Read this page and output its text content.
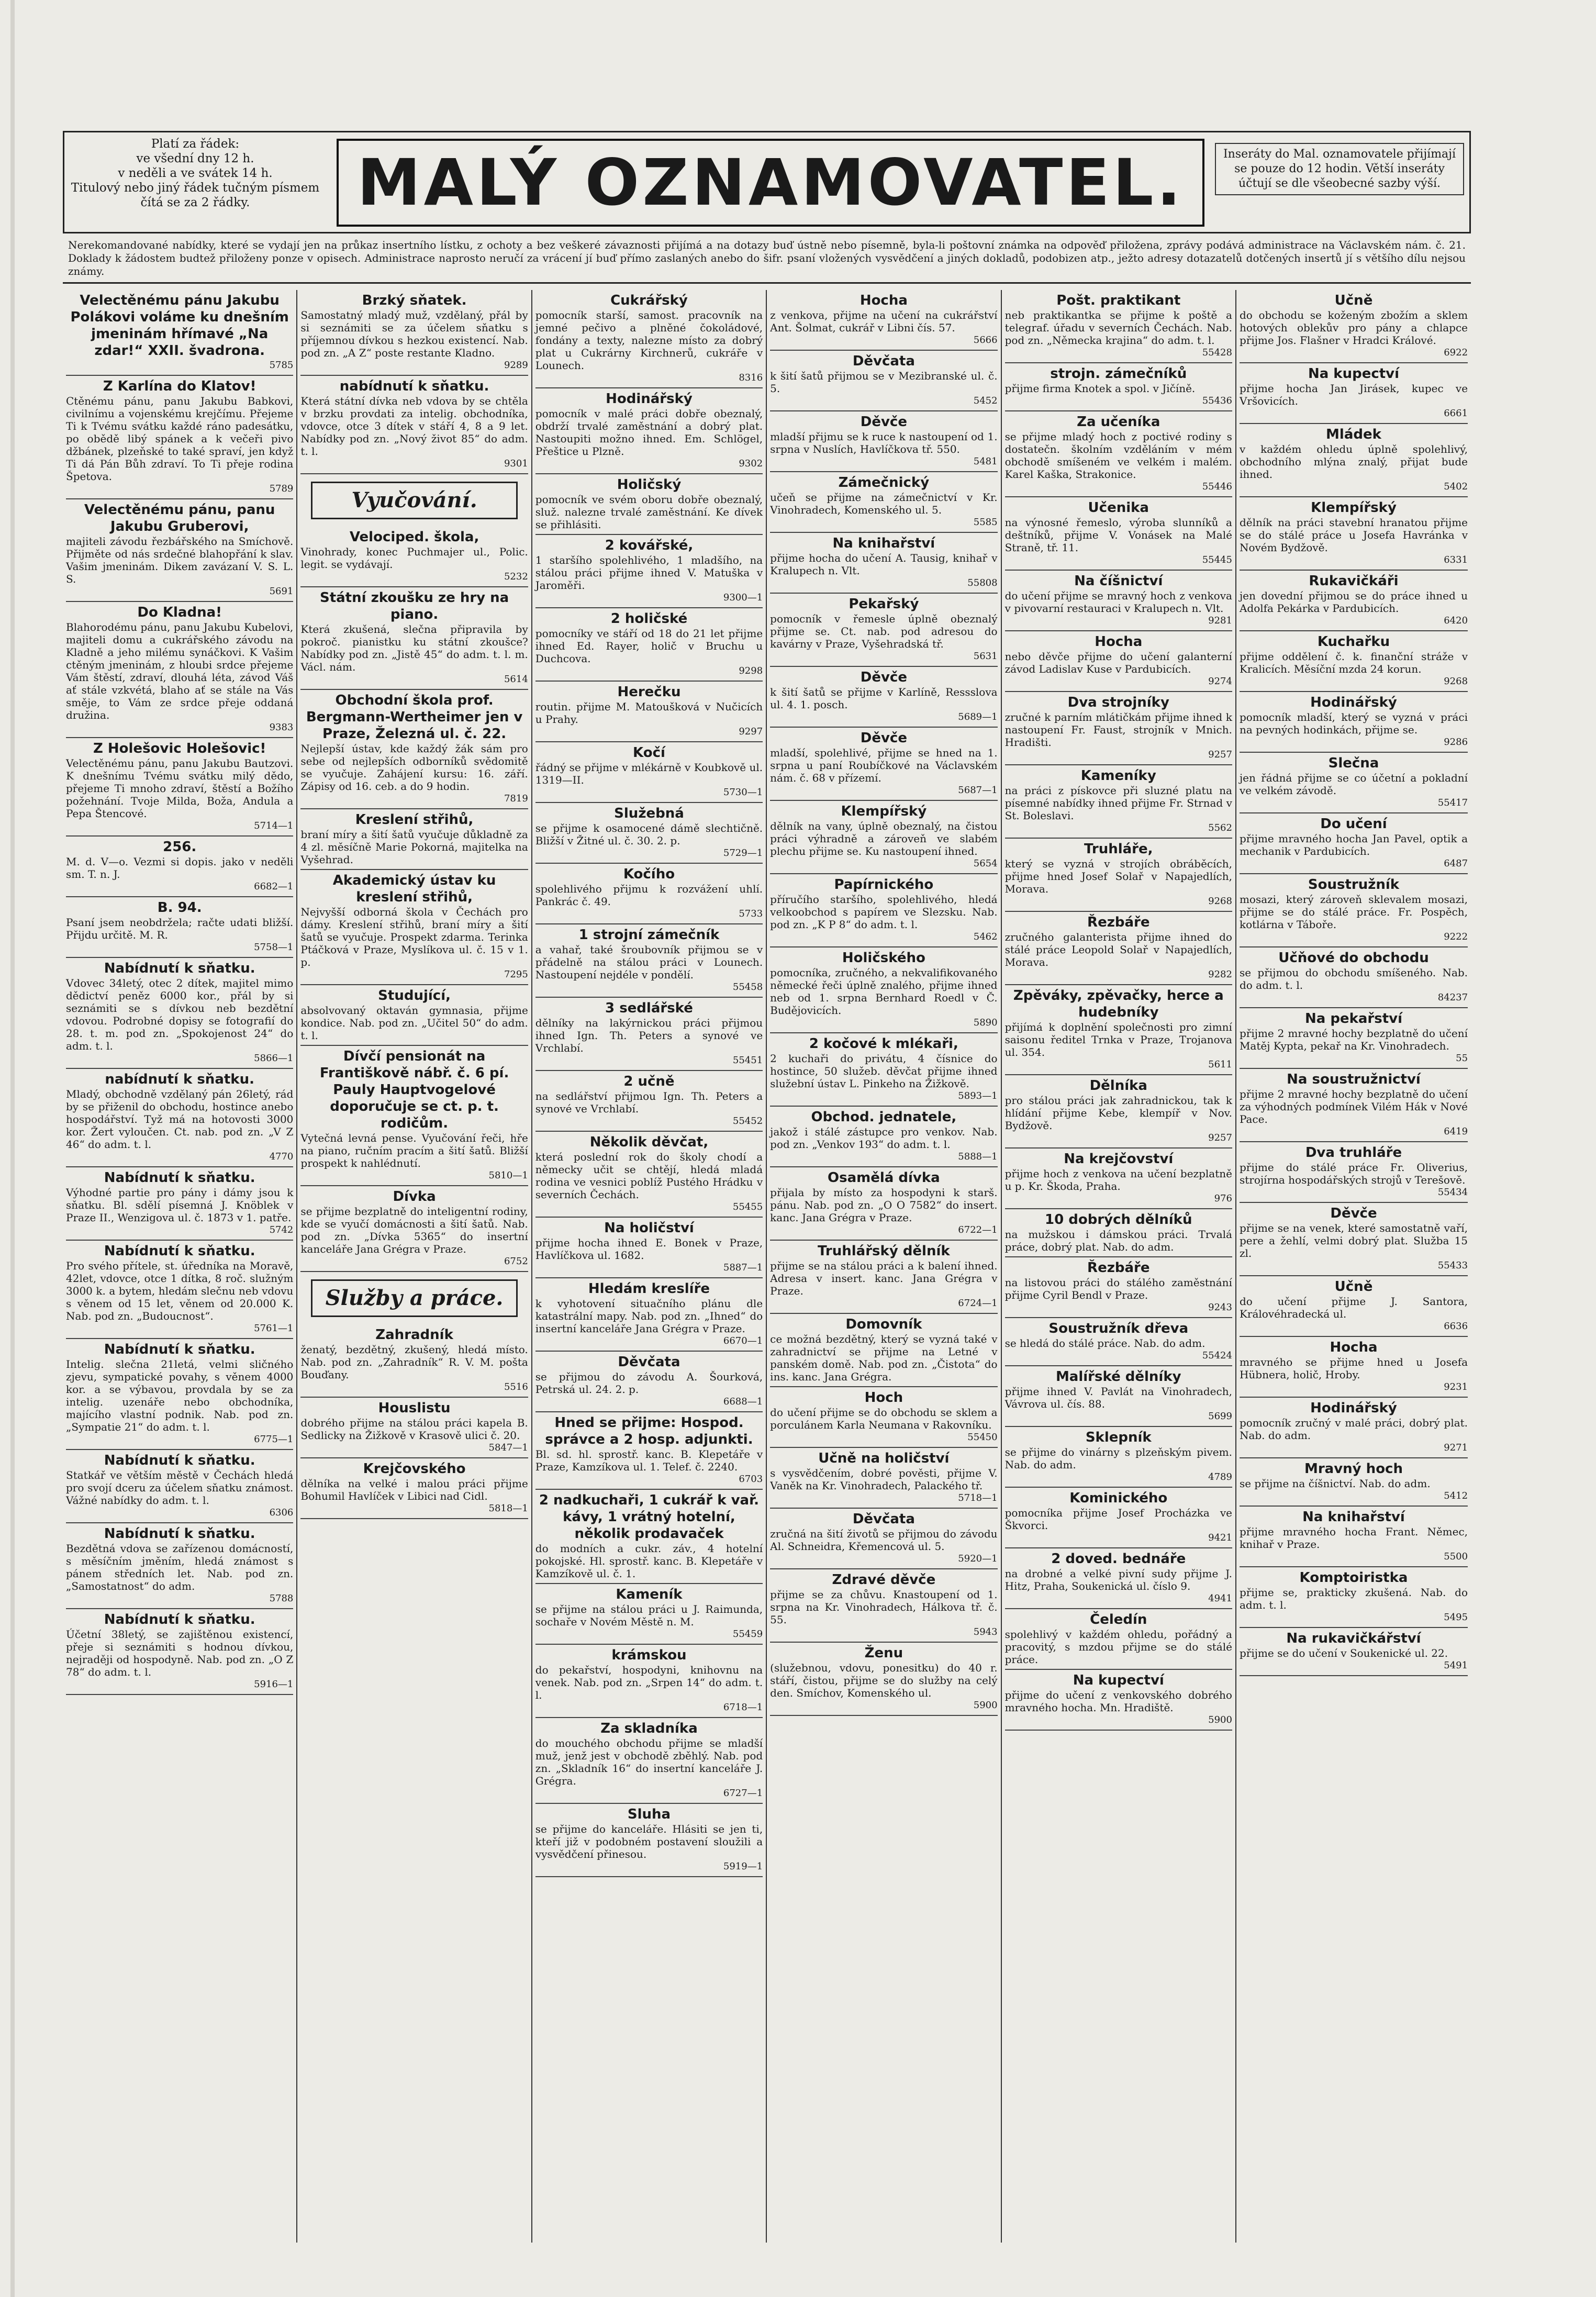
Platí za řádek:
ve všední dny 12 h.
v neděli a ve svátek 14 h.
Titulový nebo jiný řádek tučným písmem čítá se za 2 řádky.	MALÝ OZNAMOVATEL.	Inseráty do Mal. oznamovatele přijímají se pouze do 12 hodin. Větší inseráty účtují se dle všeobecné sazby výší.
Nerekomandované nabídky, které se vydají jen na průkaz insertního lístku, z ochoty a bez veškeré závaznosti přijímá a na dotazy buď ústně nebo písemně, byla-li poštovní známka na odpověď přiložena, zprávy podává administrace na Václavském nám. č. 21. Doklady k žádostem budtež přiloženy ponze v opisech. Administrace naprosto neručí za vrácení jí buď přímo zaslaných anebo do šifr. psaní vložených vysvědčení a jiných dokladů, podobizen atp., ježto adresy dotazatelů dotčených insertů jí s většího dílu nejsou známy.
Velectěnému pánu Jakubu Polákovi voláme ku dnešním jmeninám hřímavé „Na zdar!“ XXII. švadrona.
5785
Z Karlína do Klatov!
Ctěnému pánu, panu Jakubu Babkovi, civilnímu a vojenskému krejčímu. Přejeme Ti k Tvému svátku každé ráno padesátku, po obědě libý spánek a k večeři pivo džbánek, plzeňské to také spraví, jen když Ti dá Pán Bůh zdraví. To Ti přeje rodina Špetova.
5789
Velectěnému pánu, panu Jakubu Gruberovi,
majiteli závodu řezbářského na Smíchově. Přijměte od nás srdečné blahopřání k slav. Vašim jmeninám. Dikem zavázaní V. S. L. S.
5691
Do Kladna!
Blahorodému pánu, panu Jakubu Kubelovi, majiteli domu a cukrářského závodu na Kladně a jeho milému synáčkovi. K Vašim ctěným jmeninám, z hloubi srdce přejeme Vám štěstí, zdraví, dlouhá léta, závod Váš ať stále vzkvétá, blaho ať se stále na Vás směje, to Vám ze srdce přeje oddaná družina.
9383
Z Holešovic Holešovic!
Velectěnému pánu, panu Jakubu Bautzovi. K dnešnímu Tvému svátku milý dědo, přejeme Ti mnoho zdraví, štěstí a Božího požehnání. Tvoje Milda, Boža, Andula a Pepa Štencové.
5714—1
256.
M. d. V—o. Vezmi si dopis. jako v neděli sm. T. n. J.
6682—1
B. 94.
Psaní jsem neobdržela; račte udati bližší. Přijdu určitě. M. R.
5758—1
Nabídnutí k sňatku.
Vdovec 34letý, otec 2 dítek, majitel mimo dědictví peněz 6000 kor., přál by si seznámiti se s dívkou neb bezdětní vdovou. Podrobné dopisy se fotografií do 28. t. m. pod zn. „Spokojenost 24“ do adm. t. l.
5866—1
nabídnutí k sňatku.
Mladý, obchodně vzdělaný pán 26letý, rád by se přiženil do obchodu, hostince anebo hospodářství. Tyž má na hotovosti 3000 kor. Žert vyloučen. Ct. nab. pod zn. „V Z 46“ do adm. t. l.
4770
Nabídnutí k sňatku.
Výhodné partie pro pány i dámy jsou k sňatku. Bl. sdělí písemná J. Knöblek v Praze II., Wenzigova ul. č. 1873 v 1. patře.
5742
Nabídnutí k sňatku.
Pro svého přítele, st. úředníka na Moravě, 42let, vdovce, otce 1 dítka, 8 roč. služným 3000 k. a bytem, hledám slečnu neb vdovu s věnem od 15 let, věnem od 20.000 K. Nab. pod zn. „Budoucnost“.
5761—1
Nabídnutí k sňatku.
Intelig. slečna 21letá, velmi sličného zjevu, sympatické povahy, s věnem 4000 kor. a se výbavou, provdala by se za intelig. uzenáře nebo obchodníka, majícího vlastní podnik. Nab. pod zn. „Sympatie 21“ do adm. t. l.
6775—1
Nabídnutí k sňatku.
Statkář ve větším městě v Čechách hledá pro svojí dceru za účelem sňatku známost. Vážné nabídky do adm. t. l.
6306
Nabídnutí k sňatku.
Bezdětná vdova se zařízenou domácností, s měsíčním jměním, hledá známost s pánem středních let. Nab. pod zn. „Samostatnost“ do adm.
5788
Nabídnutí k sňatku.
Účetní 38letý, se zajištěnou existencí, přeje si seznámiti s hodnou dívkou, nejraději od hospodyně. Nab. pod zn. „O Z 78“ do adm. t. l.
5916—1
Brzký sňatek.
Samostatný mladý muž, vzdělaný, přál by si seznámiti se za účelem sňatku s příjemnou dívkou s hezkou existencí. Nab. pod zn. „A Z“ poste restante Kladno.
9289
nabídnutí k sňatku.
Která státní dívka neb vdova by se chtěla v brzku provdati za intelig. obchodníka, vdovce, otce 3 dítek v stáří 4, 8 a 9 let. Nabídky pod zn. „Nový život 85“ do adm. t. l.
9301
Vyučování.
Velociped. škola,
Vinohrady, konec Puchmajer ul., Polic. legit. se vydávají.
5232
Státní zkoušku ze hry na piano.
Která zkušená, slečna připravila by pokroč. pianistku ku státní zkoušce? Nabídky pod zn. „Jistě 45“ do adm. t. l. m. Václ. nám.
5614
Obchodní škola prof. Bergmann-Wertheimer jen v Praze, Železná ul. č. 22.
Nejlepší ústav, kde každý žák sám pro sebe od nejlepších odborníků svědomitě se vyučuje. Zahájení kursu: 16. září. Zápisy od 16. ceb. a do 9 hodin.
7819
Kreslení střihů,
braní míry a šití šatů vyučuje důkladně za 4 zl. měsíčně Marie Pokorná, majitelka na Vyšehrad.
Akademický ústav ku kreslení střihů,
Nejvyšší odborná škola v Čechách pro dámy. Kreslení střihů, braní míry a šití šatů se vyučuje. Prospekt zdarma. Terinka Ptáčková v Praze, Myslíkova ul. č. 15 v 1. p.
7295
Studující,
absolvovaný oktaván gymnasia, přijme kondice. Nab. pod zn. „Učitel 50“ do adm. t. l.
Dívčí pensionát na Františkově nábř. č. 6 pí. Pauly Hauptvogelové doporučuje se ct. p. t. rodičům.
Vytečná levná pense. Vyučování řeči, hře na piano, ručním pracím a šití šatů. Bližší prospekt k nahlédnutí.
5810—1
Dívka
se přijme bezplatně do inteligentní rodiny, kde se vyučí domácnosti a šití šatů. Nab. pod zn. „Dívka 5365“ do insertní kanceláře Jana Grégra v Praze.
6752
Služby a práce.
Zahradník
ženatý, bezdětný, zkušený, hledá místo. Nab. pod zn. „Zahradník“ R. V. M. pošta Bouďany.
5516
Houslistu
dobrého přijme na stálou práci kapela B. Sedlicky na Žižkově v Krasově ulici č. 20.
5847—1
Krejčovského
dělníka na velké i malou práci přijme Bohumil Havlíček v Libici nad Cidl.
5818—1
Cukrářský
pomocník starší, samost. pracovník na jemné pečivo a plněné čokoládové, fondány a texty, nalezne místo za dobrý plat u Cukrárny Kirchnerů, cukráře v Lounech.
8316
Hodinářský
pomocník v malé práci dobře obeznalý, obdrží trvalé zaměstnání a dobrý plat. Nastoupiti možno ihned. Em. Schlögel, Přeštice u Plzně.
9302
Holičský
pomocník ve svém oboru dobře obeznalý, služ. nalezne trvalé zaměstnání. Ke dívek se přihlásiti.
2 kovářské,
1 staršího spolehlivého, 1 mladšího, na stálou práci přijme ihned V. Matuška v Jaroměři.
9300—1
2 holičské
pomocníky ve stáří od 18 do 21 let přijme ihned Ed. Rayer, holič v Bruchu u Duchcova.
9298
Herečku
routin. přijme M. Matoušková v Nučicích u Prahy.
9297
Kočí
řádný se přijme v mlékárně v Koubkově ul. 1319—II.
5730—1
Služebná
se přijme k osamocené dámě slechtičně. Bližší v Žitné ul. č. 30. 2. p.
5729—1
Kočího
spolehlivého přijmu k rozvážení uhlí. Pankrác č. 49.
5733
1 strojní zámečník
a vahař, také šroubovník přijmou se v přádelně na stálou práci v Lounech. Nastoupení nejdéle v pondělí.
55458
3 sedlářské
dělníky na lakýrnickou práci přijmou ihned Ign. Th. Peters a synové ve Vrchlabí.
55451
2 učně
na sedlářství přijmou Ign. Th. Peters a synové ve Vrchlabí.
55452
Několik děvčat,
která poslední rok do školy chodí a německy učit se chtějí, hledá mladá rodina ve vesnici poblíž Pustého Hrádku v severních Čechách.
55455
Na holičství
přijme hocha ihned E. Bonek v Praze, Havlíčkova ul. 1682.
5887—1
Hledám kreslíře
k vyhotovení situačního plánu dle katastrální mapy. Nab. pod zn. „Ihned“ do insertní kanceláře Jana Grégra v Praze.
6670—1
Děvčata
se přijmou do závodu A. Šourková, Petrská ul. 24. 2. p.
6688—1
Hned se přijme: Hospod. správce a 2 hosp. adjunkti.
Bl. sd. hl. sprostř. kanc. B. Klepetáře v Praze, Kamzíkova ul. 1. Telef. č. 2240.
6703
2 nadkuchaři, 1 cukrář k vař. kávy, 1 vrátný hotelní, několik prodavaček
do modních a cukr. záv., 4 hotelní pokojské. Hl. sprostř. kanc. B. Klepetáře v Kamzíkově ul. č. 1.
Kameník
se přijme na stálou práci u J. Raimunda, sochaře v Novém Městě n. M.
55459
krámskou
do pekařství, hospodyni, knihovnu na venek. Nab. pod zn. „Srpen 14“ do adm. t. l.
6718—1
Za skladníka
do mouchého obchodu přijme se mladší muž, jenž jest v obchodě zběhlý. Nab. pod zn. „Skladník 16“ do insertní kanceláře J. Grégra.
6727—1
Sluha
se přijme do kanceláře. Hlásiti se jen ti, kteří již v podobném postavení sloužili a vysvědčení přinesou.
5919—1
Hocha
z venkova, přijme na učení na cukrářství Ant. Šolmat, cukrář v Libni čís. 57.
5666
Děvčata
k šití šatů přijmou se v Mezibranské ul. č. 5.
5452
Děvče
mladší přijmu se k ruce k nastoupení od 1. srpna v Nuslích, Havlíčkova tř. 550.
5481
Zámečnický
učeň se přijme na zámečnictví v Kr. Vinohradech, Komenského ul. 5.
5585
Na knihařství
přijme hocha do učení A. Tausig, knihař v Kralupech n. Vlt.
55808
Pekařský
pomocník v řemesle úplně obeznalý přijme se. Ct. nab. pod adresou do kavárny v Praze, Vyšehradská tř.
5631
Děvče
k šití šatů se přijme v Karlíně, Ressslova ul. 4. 1. posch.
5689—1
Děvče
mladší, spolehlivé, přijme se hned na 1. srpna u paní Roubíčkové na Václavském nám. č. 68 v přízemí.
5687—1
Klempířský
dělník na vany, úplně obeznalý, na čistou práci výhradně a zároveň ve slabém plechu přijme se. Ku nastoupení ihned.
5654
Papírnického
příručího staršího, spolehlivého, hledá velkoobchod s papírem ve Slezsku. Nab. pod zn. „K P 8“ do adm. t. l.
5462
Holičského
pomocníka, zručného, a nekvalifikovaného německé řeči úplně znalého, přijme ihned neb od 1. srpna Bernhard Roedl v Č. Budějovicích.
5890
2 kočové k mlékaři,
2 kuchaři do privátu, 4 čísnice do hostince, 50 služeb. děvčat přijme ihned služební ústav L. Pinkeho na Žižkově.
5893—1
Obchod. jednatele,
jakož i stálé zástupce pro venkov. Nab. pod zn. „Venkov 193“ do adm. t. l.
5888—1
Osamělá dívka
přijala by místo za hospodyni k starš. pánu. Nab. pod zn. „O O 7582“ do insert. kanc. Jana Grégra v Praze.
6722—1
Truhlářský dělník
přijme se na stálou práci a k balení ihned. Adresa v insert. kanc. Jana Grégra v Praze.
6724—1
Domovník
ce možná bezdětný, který se vyzná také v zahradnictví se přijme na Letné v panském domě. Nab. pod zn. „Čistota“ do ins. kanc. Jana Grégra.
Hoch
do učení přijme se do obchodu se sklem a porculánem Karla Neumana v Rakovníku.
55450
Učně na holičství
s vysvědčením, dobré pověsti, přijme V. Vaněk na Kr. Vinohradech, Palackého tř.
5718—1
Děvčata
zručná na šití životů se přijmou do závodu Al. Schneidra, Křemencová ul. 5.
5920—1
Zdravé děvče
přijme se za chůvu. Knastoupení od 1. srpna na Kr. Vinohradech, Hálkova tř. č. 55.
5943
Ženu
(služebnou, vdovu, ponesitku) do 40 r. stáří, čistou, přijme se do služby na celý den. Smíchov, Komenského ul.
5900
Pošt. praktikant
neb praktikantka se přijme k poště a telegraf. úřadu v severních Čechách. Nab. pod zn. „Německa krajina“ do adm. t. l.
55428
strojn. zámečníků
přijme firma Knotek a spol. v Jičíně.
55436
Za učeníka
se přijme mladý hoch z poctivé rodiny s dostatečn. školním vzděláním v mém obchodě smíšeném ve velkém i malém. Karel Kaška, Strakonice.
55446
Učenika
na výnosné řemeslo, výroba slunníků a deštníků, přijme V. Vonásek na Malé Straně, tř. 11.
55445
Na číšnictví
do učení přijme se mravný hoch z venkova v pivovarní restauraci v Kralupech n. Vlt.
9281
Hocha
nebo děvče přijme do učení galanterní závod Ladislav Kuse v Pardubicích.
9274
Dva strojníky
zručné k parním mlátičkám přijme ihned k nastoupení Fr. Faust, strojník v Mnich. Hradišti.
9257
Kameníky
na práci z pískovce při sluzné platu na písemné nabídky ihned přijme Fr. Strnad v St. Boleslavi.
5562
Truhláře,
který se vyzná v strojích obráběcích, přijme hned Josef Solař v Napajedlích, Morava.
9268
Řezbáře
zručného galanterista přijme ihned do stálé práce Leopold Solař v Napajedlích, Morava.
9282
Zpěváky, zpěvačky, herce a hudebníky
přijímá k doplnění společnosti pro zimní saisonu ředitel Trnka v Praze, Trojanova ul. 354.
5611
Dělníka
pro stálou práci jak zahradnickou, tak k hlídání přijme Kebe, klempíř v Nov. Bydžově.
9257
Na krejčovství
přijme hoch z venkova na učení bezplatně u p. Kr. Škoda, Praha.
976
10 dobrých dělníků
na mužskou i dámskou práci. Trvalá práce, dobrý plat. Nab. do adm.
Řezbáře
na listovou práci do stálého zaměstnání přijme Cyril Bendl v Praze.
9243
Soustružník dřeva
se hledá do stálé práce. Nab. do adm.
55424
Malířské dělníky
přijme ihned V. Pavlát na Vinohradech, Vávrova ul. čís. 88.
5699
Sklepník
se přijme do vinárny s plzeňským pivem. Nab. do adm.
4789
Kominického
pomocníka přijme Josef Procházka ve Škvorci.
9421
2 doved. bednáře
na drobné a velké pivní sudy přijme J. Hitz, Praha, Soukenická ul. číslo 9.
4941
Čeledín
spolehlivý v každém ohledu, pořádný a pracovitý, s mzdou přijme se do stálé práce.
Na kupectví
přijme do učení z venkovského dobrého mravného hocha. Mn. Hradiště.
5900
Učně
do obchodu se koženým zbožím a sklem hotových oblekův pro pány a chlapce přijme Jos. Flašner v Hradci Králové.
6922
Na kupectví
přijme hocha Jan Jirásek, kupec ve Vršovicích.
6661
Mládek
v každém ohledu úplně spolehlivý, obchodního mlýna znalý, přijat bude ihned.
5402
Klempířský
dělník na práci stavební hranatou přijme se do stálé práce u Josefa Havránka v Novém Bydžově.
6331
Rukavičkáři
jen dovední přijmou se do práce ihned u Adolfa Pekárka v Pardubicích.
6420
Kuchařku
přijme oddělení č. k. finanční stráže v Kralicích. Měsíční mzda 24 korun.
9268
Hodinářský
pomocník mladší, který se vyzná v práci na pevných hodinkách, přijme se.
9286
Slečna
jen řádná přijme se co účetní a pokladní ve velkém závodě.
55417
Do učení
přijme mravného hocha Jan Pavel, optik a mechanik v Pardubicích.
6487
Soustružník
mosazi, který zároveň sklevalem mosazi, přijme se do stálé práce. Fr. Pospěch, kotlárna v Táboře.
9222
Učňové do obchodu
se přijmou do obchodu smíšeného. Nab. do adm. t. l.
84237
Na pekařství
přijme 2 mravné hochy bezplatně do učení Matěj Kypta, pekař na Kr. Vinohradech.
55
Na soustružnictví
přijme 2 mravné hochy bezplatně do učení za výhodných podmínek Vilém Hák v Nové Pace.
6419
Dva truhláře
přijme do stálé práce Fr. Oliverius, strojírna hospodářských strojů v Terešově.
55434
Děvče
přijme se na venek, které samostatně vaří, pere a žehlí, velmi dobrý plat. Služba 15 zl.
55433
Učně
do učení přijme J. Santora, Královéhradecká ul.
6636
Hocha
mravného se přijme hned u Josefa Hübnera, holič, Hroby.
9231
Hodinářský
pomocník zručný v malé práci, dobrý plat. Nab. do adm.
9271
Mravný hoch
se přijme na číšnictví. Nab. do adm.
5412
Na knihařství
přijme mravného hocha Frant. Němec, knihař v Praze.
5500
Komptoiristka
přijme se, prakticky zkušená. Nab. do adm. t. l.
5495
Na rukavičkářství
přijme se do učení v Soukenické ul. 22.
5491
